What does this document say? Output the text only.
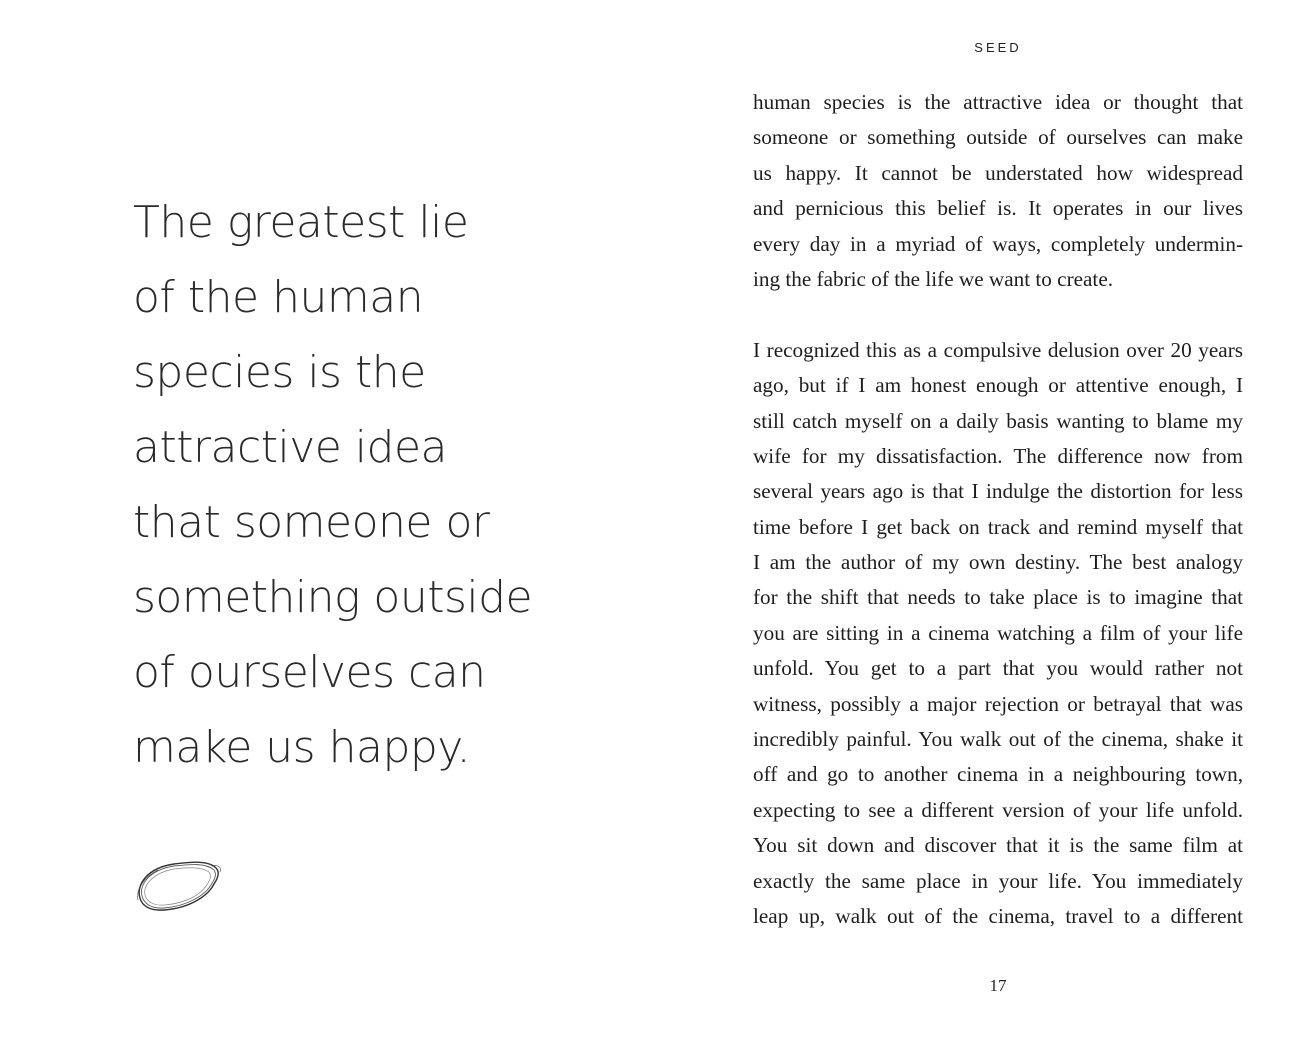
The greatest lie
of the human
species is the
attractive idea
that someone or
something outside
of ourselves can
make us happy.

SEED
human species is the attractive idea or thought that
someone or something outside of ourselves can make
us happy. It cannot be understated how widespread
and pernicious this belief is. It operates in our lives
every day in a myriad of ways, completely undermin-
ing the fabric of the life we want to create.
I recognized this as a compulsive delusion over 20 years
ago, but if I am honest enough or attentive enough, I
still catch myself on a daily basis wanting to blame my
wife for my dissatisfaction. The difference now from
several years ago is that I indulge the distortion for less
time before I get back on track and remind myself that
I am the author of my own destiny. The best analogy
for the shift that needs to take place is to imagine that
you are sitting in a cinema watching a film of your life
unfold. You get to a part that you would rather not
witness, possibly a major rejection or betrayal that was
incredibly painful. You walk out of the cinema, shake it
off and go to another cinema in a neighbouring town,
expecting to see a different version of your life unfold.
You sit down and discover that it is the same film at
exactly the same place in your life. You immediately
leap up, walk out of the cinema, travel to a different
17
